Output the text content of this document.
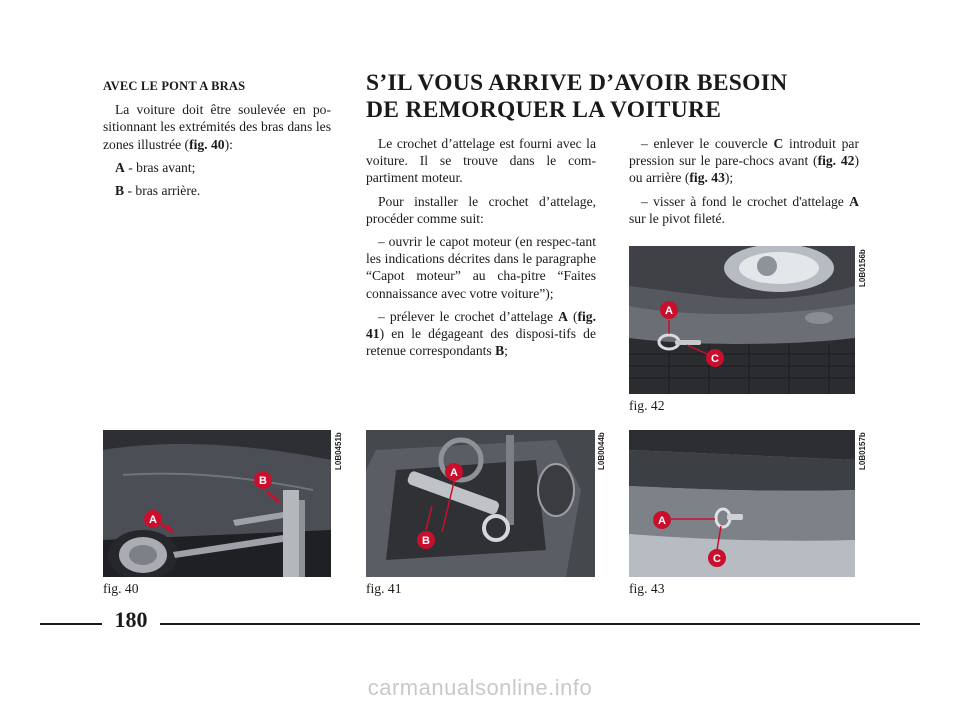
AVEC LE PONT A BRAS

La voiture doit être soulevée en po-sitionnant les extrémités des bras dans les zones illustrée (fig. 40):

A - bras avant;

B - bras arrière.

S’IL VOUS ARRIVE D’AVOIR BESOIN
DE REMORQUER LA VOITURE

Le crochet d’attelage est fourni avec la voiture. Il se trouve dans le com-partiment moteur.

Pour installer le crochet d’attelage, procéder comme suit:

– ouvrir le capot moteur (en respec-tant les indications décrites dans le paragraphe “Capot moteur” au cha-pitre “Faites connaissance avec votre voiture”);

– prélever le crochet d’attelage A (fig. 41) en le dégageant des disposi-tifs de retenue correspondants B;

– enlever le couvercle C introduit par pression sur le pare-chocs avant (fig. 42) ou arrière (fig. 43);

– visser à fond le crochet d'attelage A sur le pivot fileté.

A
C
L0B0156b
fig. 42
A
B
L0B0451b
fig. 40
A
B
L0B0044b
fig. 41
A
C
L0B0157b
fig. 43
180
carmanualsonline.info
